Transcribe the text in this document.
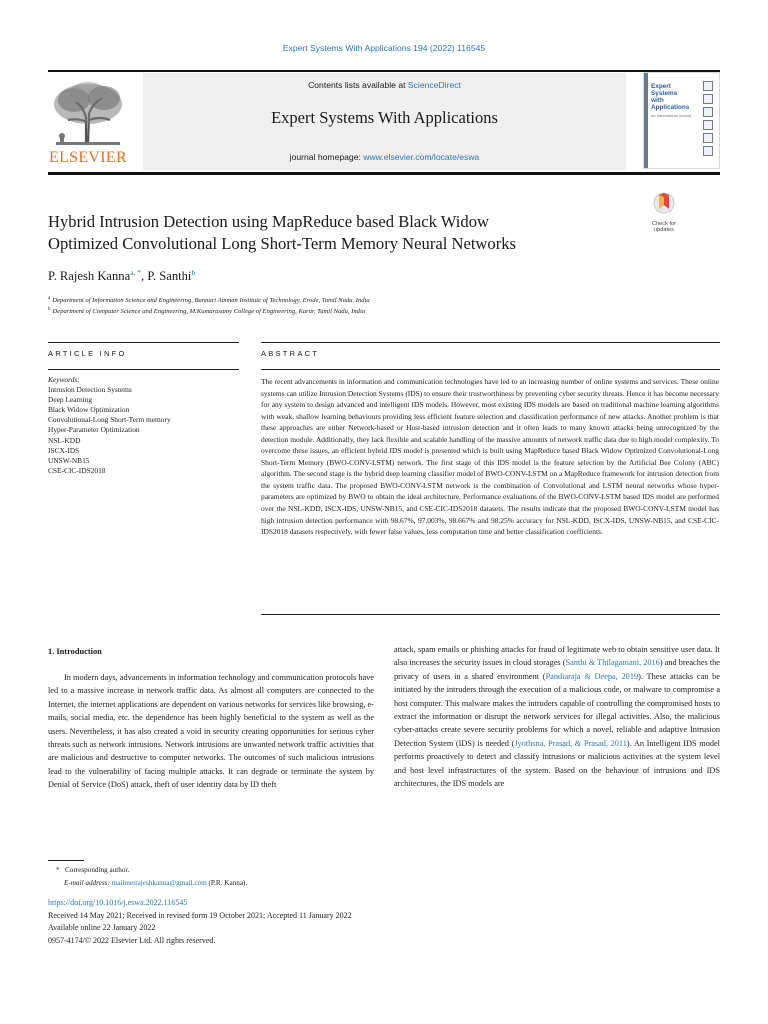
Expert Systems With Applications 194 (2022) 116545
ELSEVIER
Contents lists available at ScienceDirect
Expert Systems With Applications
journal homepage: www.elsevier.com/locate/eswa
Expert
Systems
with
Applications
An International Journal
Check for updates
Hybrid Intrusion Detection using MapReduce based Black Widow
Optimized Convolutional Long Short-Term Memory Neural Networks
P. Rajesh Kanna$^{a, *}$, P. Santhi$^b$
$^a$ Department of Information Science and Engineering, Bannari Amman Institute of Technology, Erode, Tamil Nadu, India
$^b$ Department of Computer Science and Engineering, M.Kumarasamy College of Engineering, Karur, Tamil Nadu, India
ARTICLE INFO	ABSTRACT
Keywords:
Intrusion Detection Systems
Deep Learning
Black Widow Optimization
Convolutional-Long Short-Term memory
Hyper-Parameter Optimization
NSL-KDD
ISCX-IDS
UNSW-NB15
CSE-CIC-IDS2018
The recent advancements in information and communication technologies have led to an increasing number of online systems and services. These online systems can utilize Intrusion Detection Systems (IDS) to ensure their trustworthiness by preventing cyber security threats. Hence it has become necessary for any system to design advanced and intelligent IDS models. However, most existing IDS models are based on traditional machine learning algorithms with weak, shallow learning behaviours providing less efficient feature selection and classification performance of new attacks. Another problem is that these approaches are either Network-based or Host-based intrusion detection and it often leads to many known attacks being unrecognized by the detection module. Additionally, they lack flexible and scalable handling of the massive amounts of network traffic data due to high model complexity. To overcome these issues, an efficient hybrid IDS model is presented which is built using MapReduce based Black Widow Optimized Convolutional-Long Short-Term Memory (BWO-CONV-LSTM) network. The first stage of this IDS model is the feature selection by the Artificial Bee Colony (ABC) algorithm. The second stage is the hybrid deep learning classifier model of BWO-CONV-LSTM on a MapReduce framework for intrusion detection from the system traffic data. The proposed BWO-CONV-LSTM network is the combination of Convolutional and LSTM neural networks whose hyper-parameters are optimized by BWO to obtain the ideal architecture. Performance evaluations of the BWO-CONV-LSTM based IDS model are performed over the NSL-KDD, ISCX-IDS, UNSW-NB15, and CSE-CIC-IDS2018 datasets. The results indicate that the proposed BWO-CONV-LSTM model has high intrusion detection performance with 98.67%, 97.003%, 98.667% and 98.25% accuracy for NSL-KDD, ISCX-IDS, UNSW-NB15, and CSE-CIC-IDS2018 datasets respectively, with fewer false values, less computation time and better classification coefficients.
1. Introduction
In modern days, advancements in information technology and communication protocols have led to a massive increase in network traffic data. As almost all computers are connected to the Internet, the internet applications are dependent on various networks for services like browsing, e-mails, social media, etc. the dependence has been highly beneficial to the system as well as the users. Nevertheless, it has also created a void in security creating opportunities for serious cyber threats such as network intrusions. Network intrusions are unwanted network traffic activities that are malicious and destructive to computer networks. The outcomes of such malicious intrusions lead to the vulnerability of facing multiple attacks. It can degrade or terminate the system by Denial of Service (DoS) attack, theft of user identity data by ID theft
attack, spam emails or phishing attacks for fraud of legitimate web to obtain sensitive user data. It also increases the security issues in cloud storages (Santhi & Thilagamani, 2016) and breaches the privacy of users in a shared environment (Pandiaraja & Deepa, 2019). These attacks can be initiated by the intruders through the execution of a malicious code, or malware to compromise a host computer. This malware makes the intruders capable of controlling the compromised hosts to extract the information or disrupt the network services for illegal activities. Also, the malicious cyber-attacks create severe security problems for which a novel, reliable and adaptive Intrusion Detection System (IDS) is needed (Jyothsna, Prasad, & Prasad, 2011). An Intelligent IDS model performs proactively to detect and classify intrusions or malicious activities at the system level and host level infrastructures of the system. Based on the behaviour of intrusions and IDS architectures, the IDS models are
* Corresponding author.
E-mail address: mailmetrajeshkanna@gmail.com (P.R. Kanna).
https://doi.org/10.1016/j.eswa.2022.116545
Received 14 May 2021; Received in revised form 19 October 2021; Accepted 11 January 2022
Available online 22 January 2022
0957-4174/© 2022 Elsevier Ltd. All rights reserved.
